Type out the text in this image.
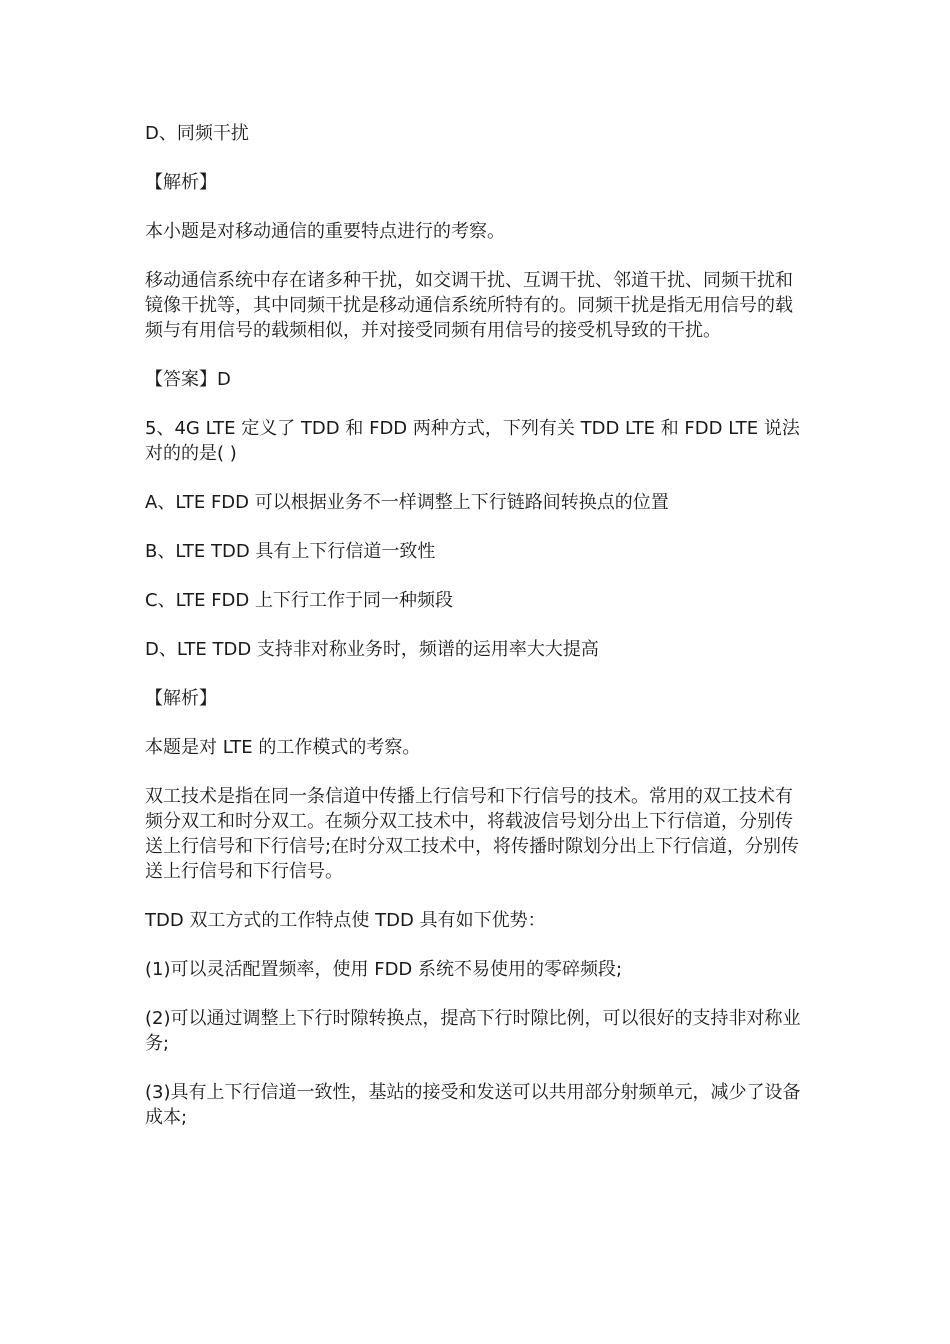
D、同频干扰

【解析】

本小题是对移动通信的重要特点进行的考察。

移动通信系统中存在诸多种干扰，如交调干扰、互调干扰、邻道干扰、同频干扰和镜像干扰等，其中同频干扰是移动通信系统所特有的。同频干扰是指无用信号的载频与有用信号的载频相似，并对接受同频有用信号的接受机导致的干扰。

【答案】D

5、4G LTE 定义了 TDD 和 FDD 两种方式，下列有关 TDD LTE 和 FDD LTE 说法对的的是( )

A、LTE FDD 可以根据业务不一样调整上下行链路间转换点的位置

B、LTE TDD 具有上下行信道一致性

C、LTE FDD 上下行工作于同一种频段

D、LTE TDD 支持非对称业务时，频谱的运用率大大提高

【解析】

本题是对 LTE 的工作模式的考察。

双工技术是指在同一条信道中传播上行信号和下行信号的技术。常用的双工技术有频分双工和时分双工。在频分双工技术中，将载波信号划分出上下行信道，分别传送上行信号和下行信号;在时分双工技术中，将传播时隙划分出上下行信道，分别传送上行信号和下行信号。

TDD 双工方式的工作特点使 TDD 具有如下优势：

(1)可以灵活配置频率，使用 FDD 系统不易使用的零碎频段;

(2)可以通过调整上下行时隙转换点，提高下行时隙比例，可以很好的支持非对称业务;

(3)具有上下行信道一致性，基站的接受和发送可以共用部分射频单元，减少了设备成本;
